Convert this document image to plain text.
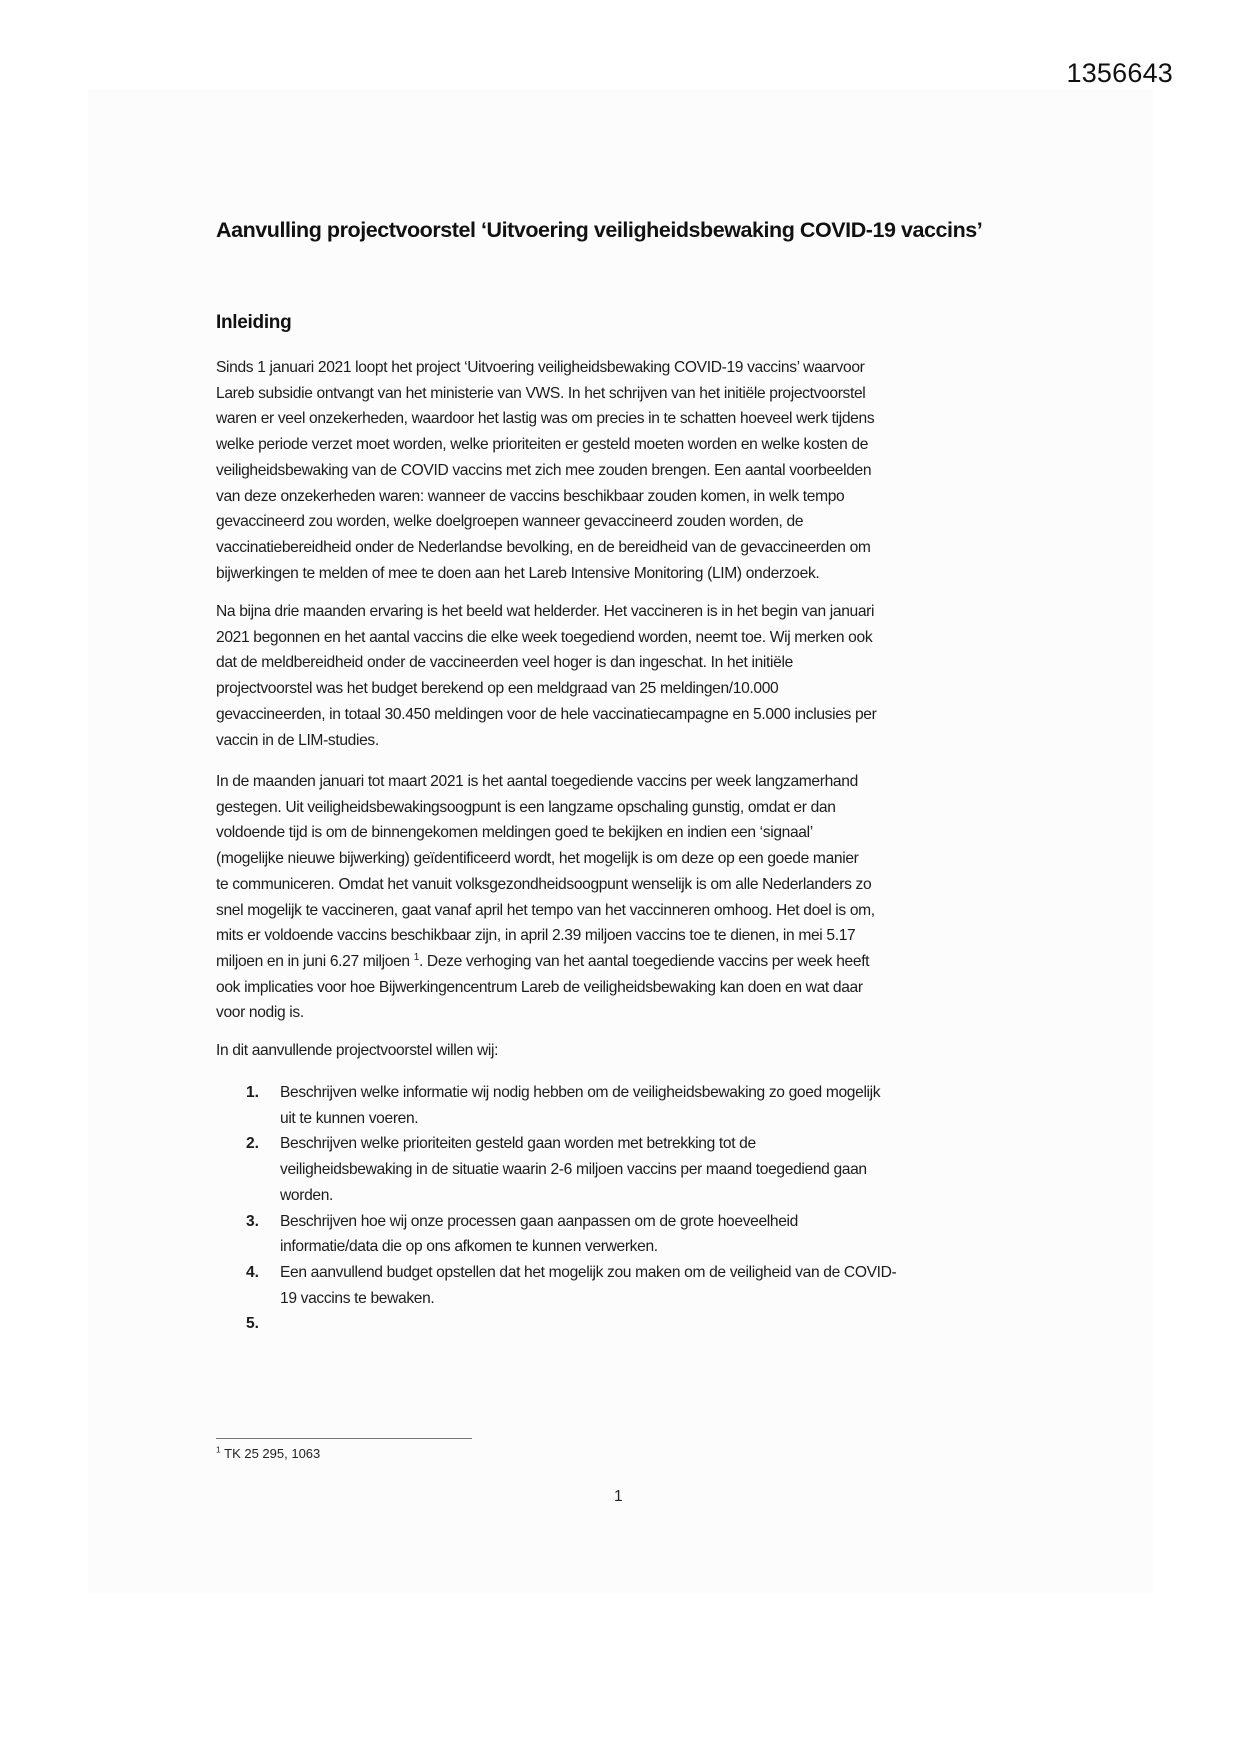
1356643
Aanvulling projectvoorstel ‘Uitvoering veiligheidsbewaking COVID-19 vaccins’
Inleiding

Sinds 1 januari 2021 loopt het project ‘Uitvoering veiligheidsbewaking COVID-19 vaccins’ waarvoor
Lareb subsidie ontvangt van het ministerie van VWS. In het schrijven van het initiële projectvoorstel
waren er veel onzekerheden, waardoor het lastig was om precies in te schatten hoeveel werk tijdens
welke periode verzet moet worden, welke prioriteiten er gesteld moeten worden en welke kosten de
veiligheidsbewaking van de COVID vaccins met zich mee zouden brengen. Een aantal voorbeelden
van deze onzekerheden waren: wanneer de vaccins beschikbaar zouden komen, in welk tempo
gevaccineerd zou worden, welke doelgroepen wanneer gevaccineerd zouden worden, de
vaccinatiebereidheid onder de Nederlandse bevolking, en de bereidheid van de gevaccineerden om
bijwerkingen te melden of mee te doen aan het Lareb Intensive Monitoring (LIM) onderzoek.

Na bijna drie maanden ervaring is het beeld wat helderder. Het vaccineren is in het begin van januari
2021 begonnen en het aantal vaccins die elke week toegediend worden, neemt toe. Wij merken ook
dat de meldbereidheid onder de vaccineerden veel hoger is dan ingeschat. In het initiële
projectvoorstel was het budget berekend op een meldgraad van 25 meldingen/10.000
gevaccineerden, in totaal 30.450 meldingen voor de hele vaccinatiecampagne en 5.000 inclusies per
vaccin in de LIM-studies.

In de maanden januari tot maart 2021 is het aantal toegediende vaccins per week langzamerhand
gestegen. Uit veiligheidsbewakingsoogpunt is een langzame opschaling gunstig, omdat er dan
voldoende tijd is om de binnengekomen meldingen goed te bekijken en indien een ‘signaal’
(mogelijke nieuwe bijwerking) geïdentificeerd wordt, het mogelijk is om deze op een goede manier
te communiceren. Omdat het vanuit volksgezondheidsoogpunt wenselijk is om alle Nederlanders zo
snel mogelijk te vaccineren, gaat vanaf april het tempo van het vaccinneren omhoog. Het doel is om,
mits er voldoende vaccins beschikbaar zijn, in april 2.39 miljoen vaccins toe te dienen, in mei 5.17
miljoen en in juni 6.27 miljoen $^1$. Deze verhoging van het aantal toegediende vaccins per week heeft
ook implicaties voor hoe Bijwerkingencentrum Lareb de veiligheidsbewaking kan doen en wat daar
voor nodig is.

In dit aanvullende projectvoorstel willen wij:

1. Beschrijven welke informatie wij nodig hebben om de veiligheidsbewaking zo goed mogelijk
uit te kunnen voeren.
2. Beschrijven welke prioriteiten gesteld gaan worden met betrekking tot de
veiligheidsbewaking in de situatie waarin 2-6 miljoen vaccins per maand toegediend gaan
worden.
3. Beschrijven hoe wij onze processen gaan aanpassen om de grote hoeveelheid
informatie/data die op ons afkomen te kunnen verwerken.
4. Een aanvullend budget opstellen dat het mogelijk zou maken om de veiligheid van de COVID-
19 vaccins te bewaken.
5.

$^1$ TK 25 295, 1063
1
